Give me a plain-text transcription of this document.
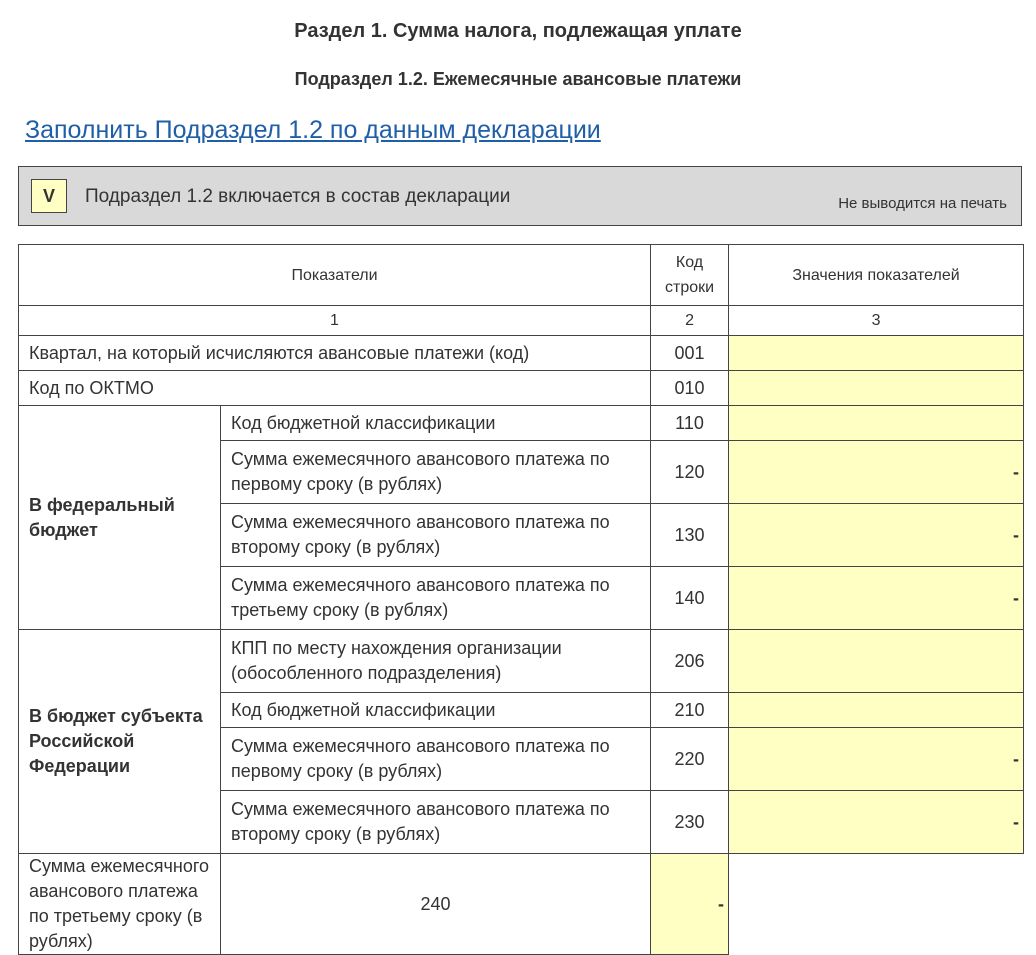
Раздел 1. Сумма налога, подлежащая уплате
Подраздел 1.2. Ежемесячные авансовые платежи
Заполнить Подраздел 1.2 по данным декларации
V	Подраздел 1.2 включается в состав декларации	Не выводится на печать
Показатели		Код строки	Значения показателей
1		2	3
Квартал, на который исчисляются авансовые платежи (код)		001	
Код по ОКТМО		010	
В федеральный бюджет	Код бюджетной классификации	110	
	Сумма ежемесячного авансового платежа по первому сроку (в рублях)	120	-
	Сумма ежемесячного авансового платежа по второму сроку (в рублях)	130	-
	Сумма ежемесячного авансового платежа по третьему сроку (в рублях)	140	-
В бюджет субъекта Российской Федерации	КПП по месту нахождения организации (обособленного подразделения)	206	
	Код бюджетной классификации	210	
	Сумма ежемесячного авансового платежа по первому сроку (в рублях)	220	-
	Сумма ежемесячного авансового платежа по второму сроку (в рублях)	230	-
Сумма ежемесячного авансового платежа по третьему сроку (в рублях)	240	-	
